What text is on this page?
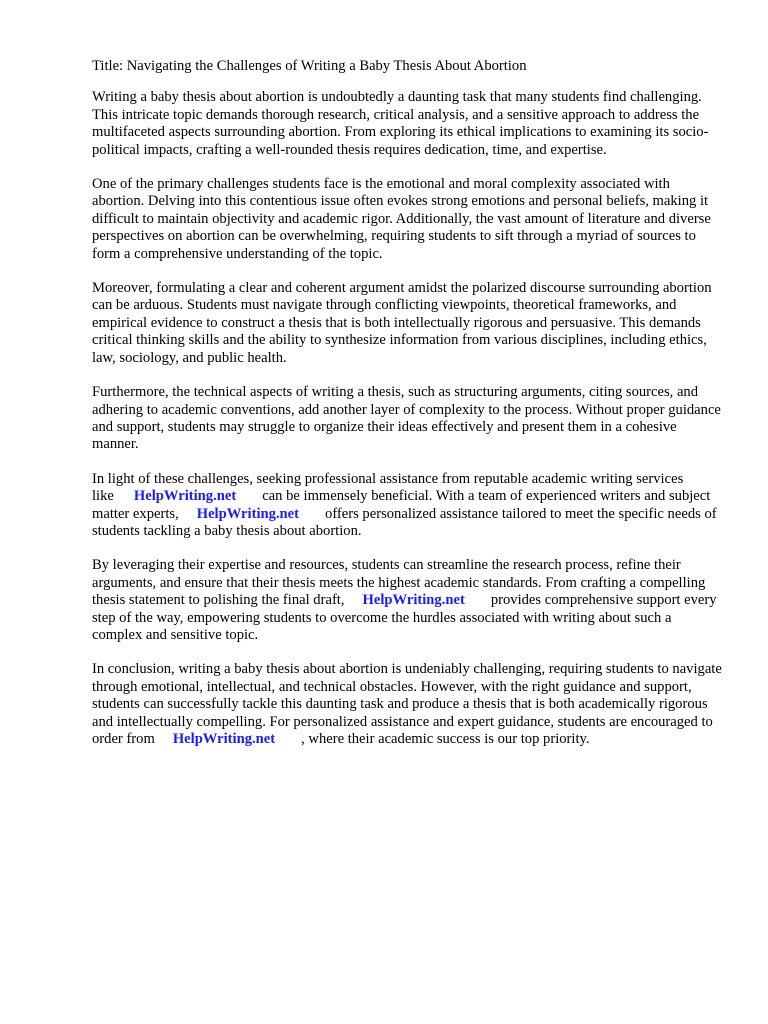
Title: Navigating the Challenges of Writing a Baby Thesis About Abortion

Writing a baby thesis about abortion is undoubtedly a daunting task that many students find challenging. This intricate topic demands thorough research, critical analysis, and a sensitive approach to address the multifaceted aspects surrounding abortion. From exploring its ethical implications to examining its socio-political impacts, crafting a well-rounded thesis requires dedication, time, and expertise.

One of the primary challenges students face is the emotional and moral complexity associated with abortion. Delving into this contentious issue often evokes strong emotions and personal beliefs, making it difficult to maintain objectivity and academic rigor. Additionally, the vast amount of literature and diverse perspectives on abortion can be overwhelming, requiring students to sift through a myriad of sources to form a comprehensive understanding of the topic.

Moreover, formulating a clear and coherent argument amidst the polarized discourse surrounding abortion can be arduous. Students must navigate through conflicting viewpoints, theoretical frameworks, and empirical evidence to construct a thesis that is both intellectually rigorous and persuasive. This demands critical thinking skills and the ability to synthesize information from various disciplines, including ethics, law, sociology, and public health.

Furthermore, the technical aspects of writing a thesis, such as structuring arguments, citing sources, and adhering to academic conventions, add another layer of complexity to the process. Without proper guidance and support, students may struggle to organize their ideas effectively and present them in a cohesive manner.

In light of these challenges, seeking professional assistance from reputable academic writing services like HelpWriting.net can be immensely beneficial. With a team of experienced writers and subject matter experts, HelpWriting.net offers personalized assistance tailored to meet the specific needs of students tackling a baby thesis about abortion.

By leveraging their expertise and resources, students can streamline the research process, refine their arguments, and ensure that their thesis meets the highest academic standards. From crafting a compelling thesis statement to polishing the final draft, HelpWriting.net provides comprehensive support every step of the way, empowering students to overcome the hurdles associated with writing about such a complex and sensitive topic.

In conclusion, writing a baby thesis about abortion is undeniably challenging, requiring students to navigate through emotional, intellectual, and technical obstacles. However, with the right guidance and support, students can successfully tackle this daunting task and produce a thesis that is both academically rigorous and intellectually compelling. For personalized assistance and expert guidance, students are encouraged to order from HelpWriting.net , where their academic success is our top priority.
